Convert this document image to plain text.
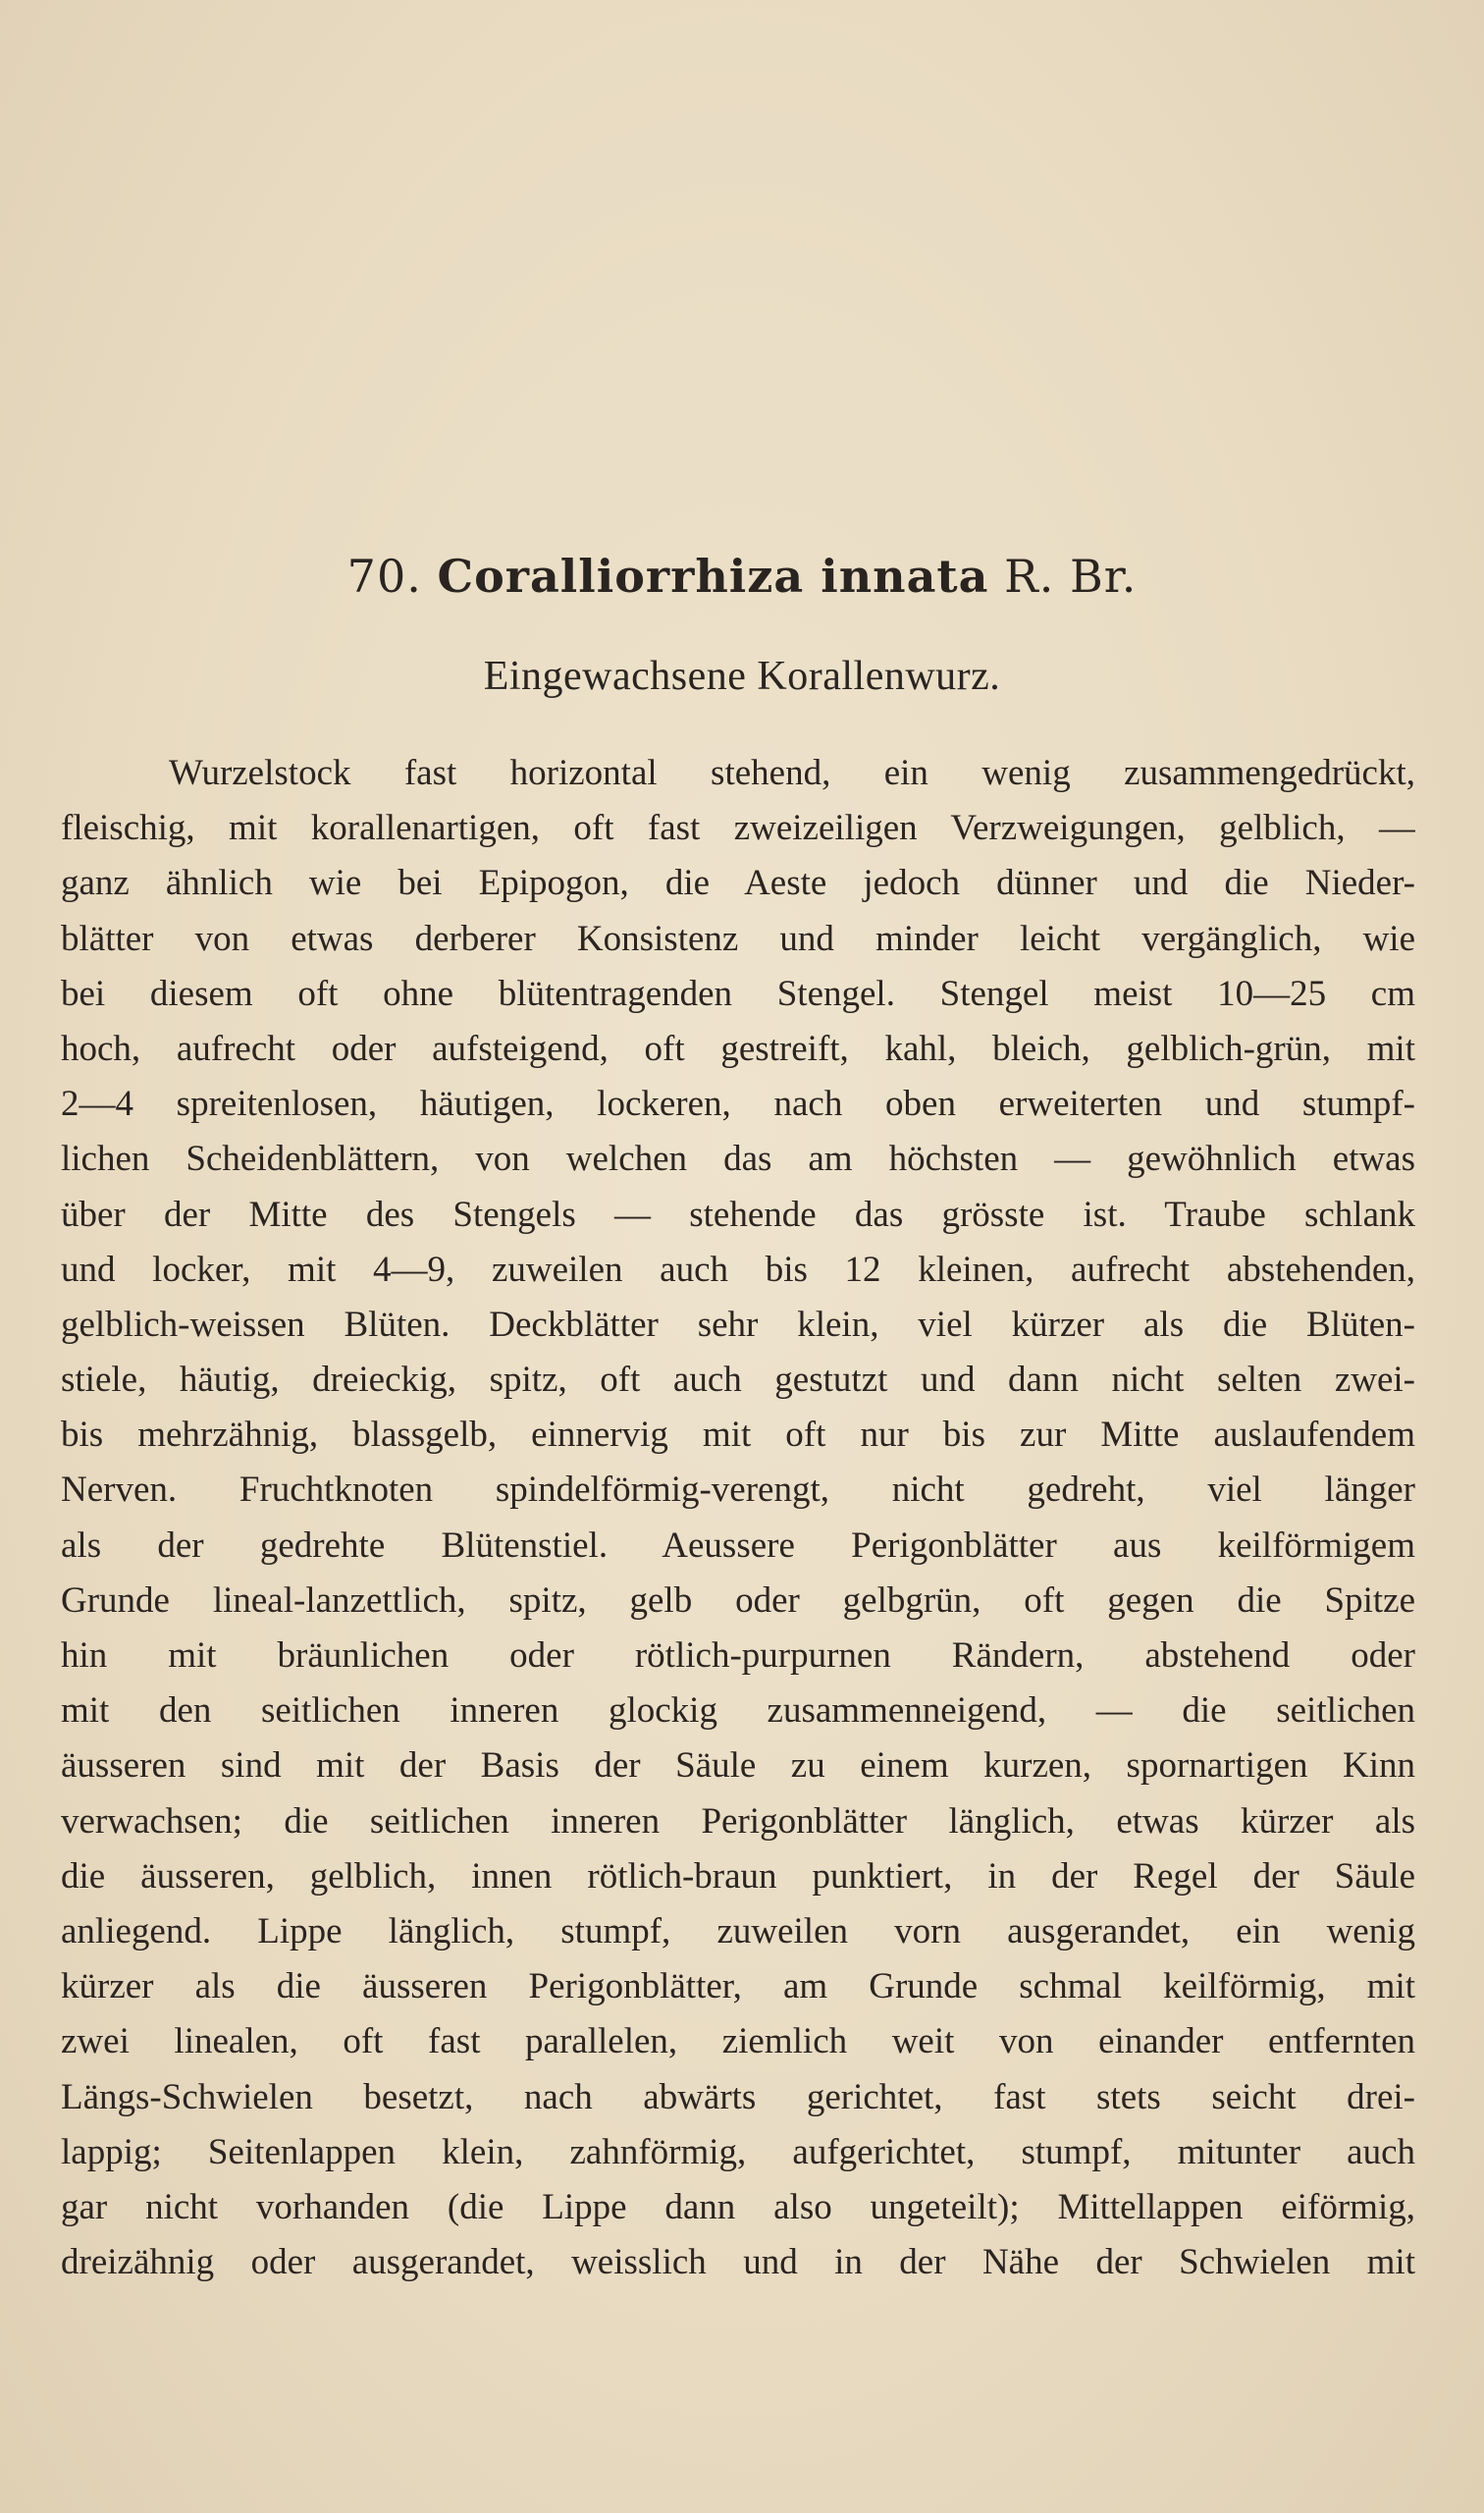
70. Coralliorrhiza innata R. Br.
Eingewachsene Korallenwurz.
Wurzelstock fast horizontal stehend, ein wenig zusammengedrückt,
fleischig, mit korallenartigen, oft fast zweizeiligen Verzweigungen, gelblich, —
ganz ähnlich wie bei Epipogon, die Aeste jedoch dünner und die Nieder-
blätter von etwas derberer Konsistenz und minder leicht vergänglich, wie
bei diesem oft ohne blütentragenden Stengel. Stengel meist 10—25 cm
hoch, aufrecht oder aufsteigend, oft gestreift, kahl, bleich, gelblich-grün, mit
2—4 spreitenlosen, häutigen, lockeren, nach oben erweiterten und stumpf-
lichen Scheidenblättern, von welchen das am höchsten — gewöhnlich etwas
über der Mitte des Stengels — stehende das grösste ist. Traube schlank
und locker, mit 4—9, zuweilen auch bis 12 kleinen, aufrecht abstehenden,
gelblich-weissen Blüten. Deckblätter sehr klein, viel kürzer als die Blüten-
stiele, häutig, dreieckig, spitz, oft auch gestutzt und dann nicht selten zwei-
bis mehrzähnig, blassgelb, einnervig mit oft nur bis zur Mitte auslaufendem
Nerven. Fruchtknoten spindelförmig-verengt, nicht gedreht, viel länger
als der gedrehte Blütenstiel. Aeussere Perigonblätter aus keilförmigem
Grunde lineal-lanzettlich, spitz, gelb oder gelbgrün, oft gegen die Spitze
hin mit bräunlichen oder rötlich-purpurnen Rändern, abstehend oder
mit den seitlichen inneren glockig zusammenneigend, — die seitlichen
äusseren sind mit der Basis der Säule zu einem kurzen, spornartigen Kinn
verwachsen; die seitlichen inneren Perigonblätter länglich, etwas kürzer als
die äusseren, gelblich, innen rötlich-braun punktiert, in der Regel der Säule
anliegend. Lippe länglich, stumpf, zuweilen vorn ausgerandet, ein wenig
kürzer als die äusseren Perigonblätter, am Grunde schmal keilförmig, mit
zwei linealen, oft fast parallelen, ziemlich weit von einander entfernten
Längs-Schwielen besetzt, nach abwärts gerichtet, fast stets seicht drei-
lappig; Seitenlappen klein, zahnförmig, aufgerichtet, stumpf, mitunter auch
gar nicht vorhanden (die Lippe dann also ungeteilt); Mittellappen eiförmig,
dreizähnig oder ausgerandet, weisslich und in der Nähe der Schwielen mit
